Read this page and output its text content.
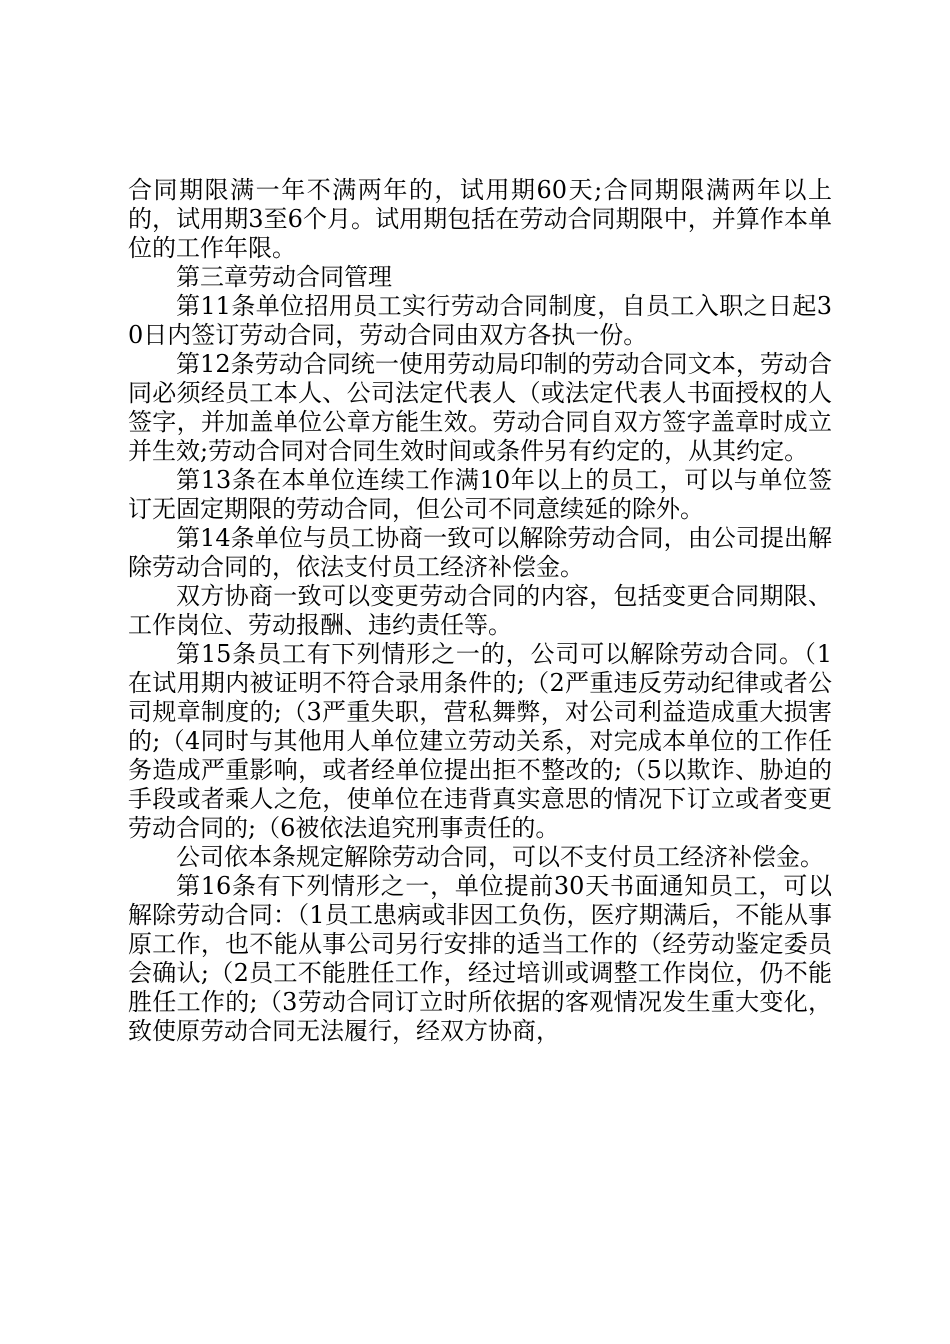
合同期限满一年不满两年的，试用期60天;合同期限满两年以上的，试用期3至6个月。试用期包括在劳动合同期限中，并算作本单位的工作年限。

第三章劳动合同管理

第11条单位招用员工实行劳动合同制度，自员工入职之日起30日内签订劳动合同，劳动合同由双方各执一份。

第12条劳动合同统一使用劳动局印制的劳动合同文本，劳动合同必须经员工本人、公司法定代表人（或法定代表人书面授权的人签字，并加盖单位公章方能生效。劳动合同自双方签字盖章时成立并生效;劳动合同对合同生效时间或条件另有约定的，从其约定。

第13条在本单位连续工作满10年以上的员工，可以与单位签订无固定期限的劳动合同，但公司不同意续延的除外。

第14条单位与员工协商一致可以解除劳动合同，由公司提出解除劳动合同的，依法支付员工经济补偿金。

双方协商一致可以变更劳动合同的内容，包括变更合同期限、工作岗位、劳动报酬、违约责任等。

第15条员工有下列情形之一的，公司可以解除劳动合同。（1在试用期内被证明不符合录用条件的;（2严重违反劳动纪律或者公司规章制度的;（3严重失职，营私舞弊，对公司利益造成重大损害的;（4同时与其他用人单位建立劳动关系，对完成本单位的工作任务造成严重影响，或者经单位提出拒不整改的;（5以欺诈、胁迫的手段或者乘人之危，使单位在违背真实意思的情况下订立或者变更劳动合同的;（6被依法追究刑事责任的。

公司依本条规定解除劳动合同，可以不支付员工经济补偿金。

第16条有下列情形之一，单位提前30天书面通知员工，可以解除劳动合同：（1员工患病或非因工负伤，医疗期满后，不能从事原工作，也不能从事公司另行安排的适当工作的（经劳动鉴定委员会确认;（2员工不能胜任工作，经过培训或调整工作岗位，仍不能胜任工作的;（3劳动合同订立时所依据的客观情况发生重大变化，致使原劳动合同无法履行，经双方协商，
